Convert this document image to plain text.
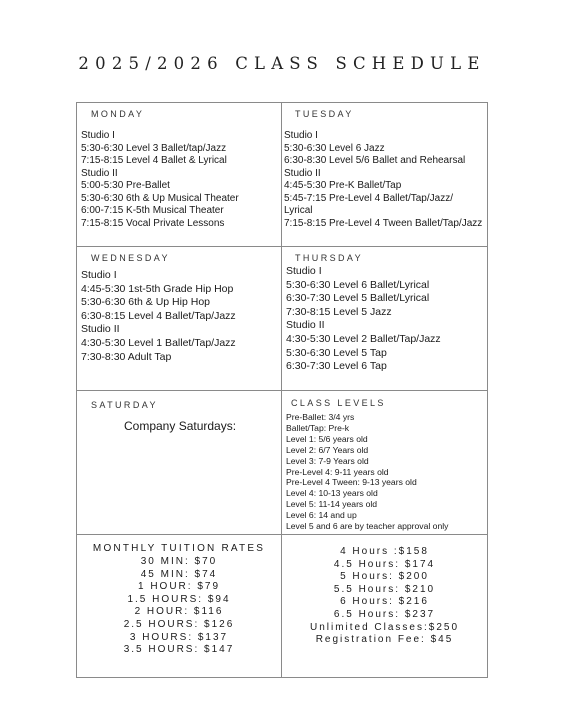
2025/2026 CLASS SCHEDULE
MONDAY
Studio I
5:30-6:30 Level 3 Ballet/tap/Jazz
7:15-8:15 Level 4 Ballet & Lyrical
Studio II
5:00-5:30 Pre-Ballet
5:30-6:30 6th & Up Musical Theater
6:00-7:15 K-5th Musical Theater
7:15-8:15 Vocal Private Lessons
TUESDAY
Studio I
5:30-6:30 Level 6 Jazz
6:30-8:30 Level 5/6 Ballet and Rehearsal
Studio II
4:45-5:30 Pre-K Ballet/Tap
5:45-7:15 Pre-Level 4 Ballet/Tap/Jazz/
Lyrical
7:15-8:15 Pre-Level 4 Tween Ballet/Tap/Jazz
WEDNESDAY
Studio I
4:45-5:30 1st-5th Grade Hip Hop
5:30-6:30 6th & Up Hip Hop
6:30-8:15 Level 4 Ballet/Tap/Jazz
Studio II
4:30-5:30 Level 1 Ballet/Tap/Jazz
7:30-8:30 Adult Tap
THURSDAY
Studio I
5:30-6:30 Level 6 Ballet/Lyrical
6:30-7:30 Level 5 Ballet/Lyrical
7:30-8:15 Level 5 Jazz
Studio II
4:30-5:30 Level 2 Ballet/Tap/Jazz
5:30-6:30 Level 5 Tap
6:30-7:30 Level 6 Tap
SATURDAY
Company Saturdays:
CLASS LEVELS
Pre-Ballet: 3/4 yrs
Ballet/Tap: Pre-k
Level 1: 5/6 years old
Level 2: 6/7 Years old
Level 3: 7-9 Years old
Pre-Level 4: 9-11 years old
Pre-Level 4 Tween: 9-13 years old
Level 4: 10-13 years old
Level 5: 11-14 years old
Level 6: 14 and up
Level 5 and 6 are by teacher approval only
MONTHLY TUITION RATES
30 MIN: $70
45 MIN: $74
1 HOUR: $79
1.5 HOURS: $94
2 HOUR: $116
2.5 HOURS: $126
3 HOURS: $137
3.5 HOURS: $147
4 Hours :$158
4.5 Hours: $174
5 Hours: $200
5.5 Hours: $210
6 Hours: $216
6.5 Hours: $237
Unlimited Classes:$250
Registration Fee: $45
